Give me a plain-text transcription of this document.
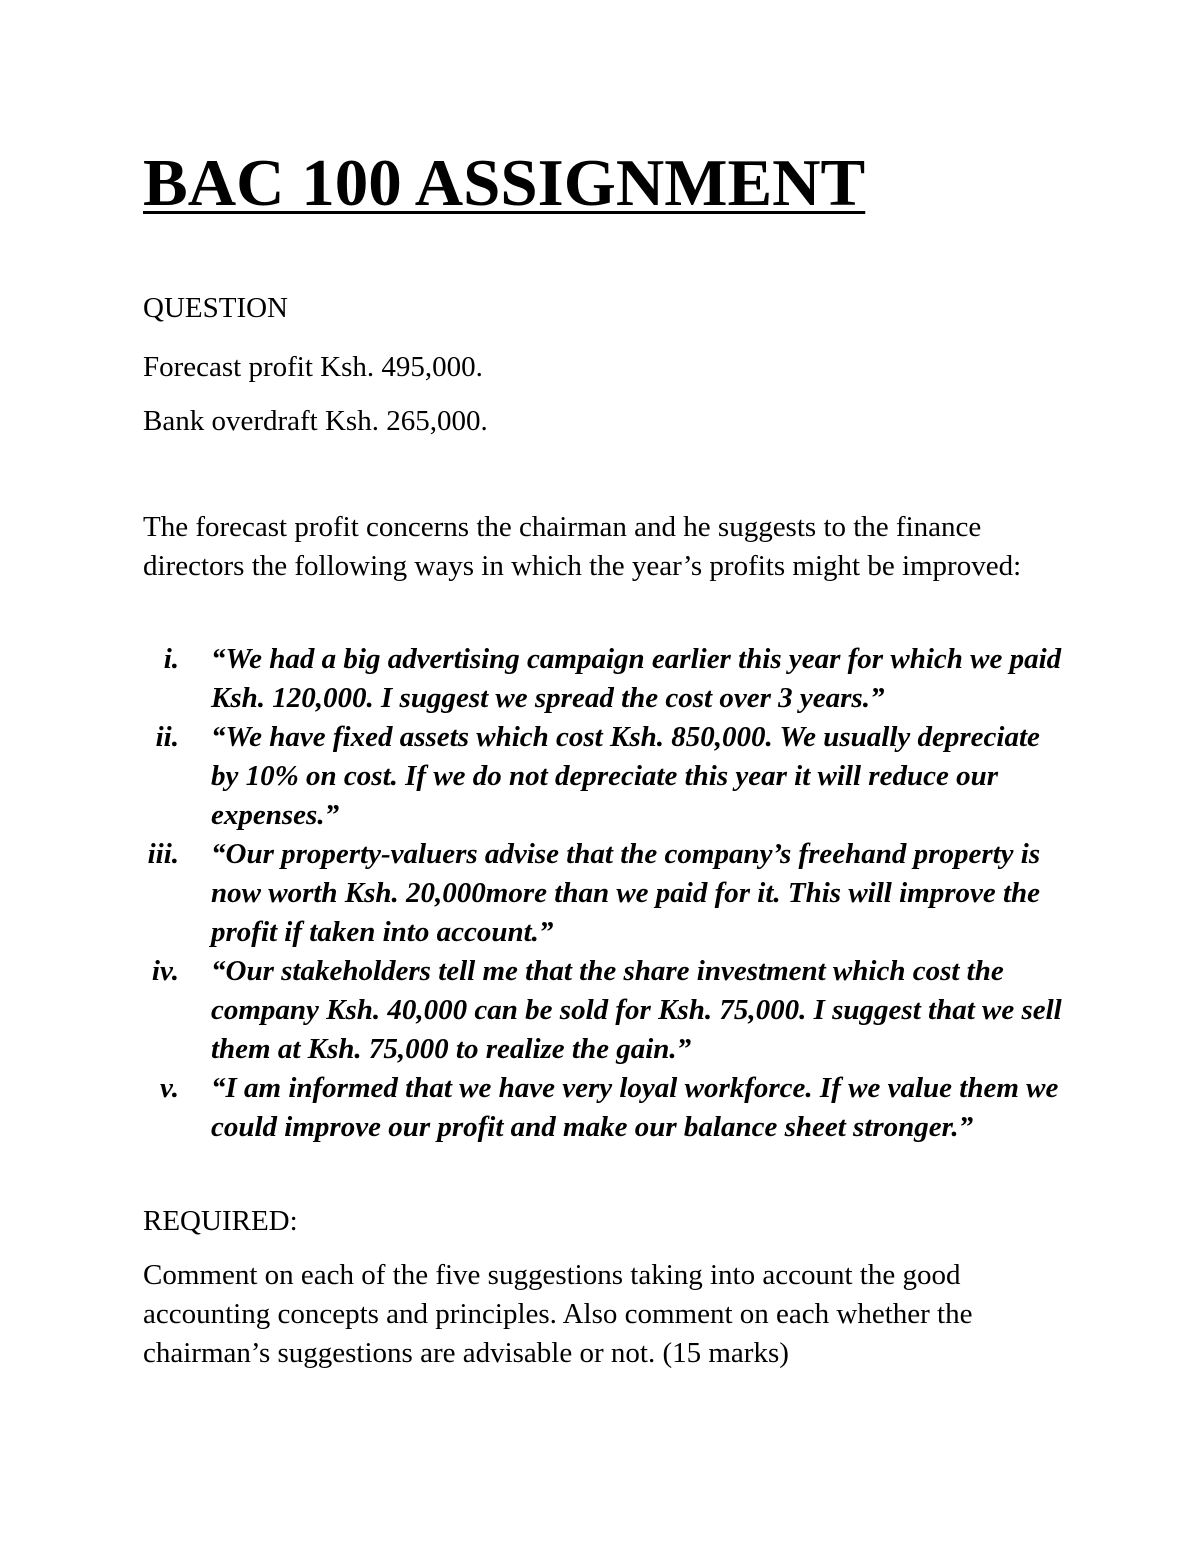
BAC 100 ASSIGNMENT

QUESTION

Forecast profit Ksh. 495,000.

Bank overdraft Ksh. 265,000.

The forecast profit concerns the chairman and he suggests to the finance directors the following ways in which the year’s profits might be improved:

i. “We had a big advertising campaign earlier this year for which we paid Ksh. 120,000. I suggest we spread the cost over 3 years.”
ii. “We have fixed assets which cost Ksh. 850,000. We usually depreciate by 10% on cost. If we do not depreciate this year it will reduce our expenses.”
iii. “Our property-valuers advise that the company’s freehand property is now worth Ksh. 20,000more than we paid for it. This will improve the profit if taken into account.”
iv. “Our stakeholders tell me that the share investment which cost the company Ksh. 40,000 can be sold for Ksh. 75,000. I suggest that we sell them at Ksh. 75,000 to realize the gain.”
v. “I am informed that we have very loyal workforce. If we value them we could improve our profit and make our balance sheet stronger.”

REQUIRED:

Comment on each of the five suggestions taking into account the good accounting concepts and principles. Also comment on each whether the chairman’s suggestions are advisable or not. (15 marks)
